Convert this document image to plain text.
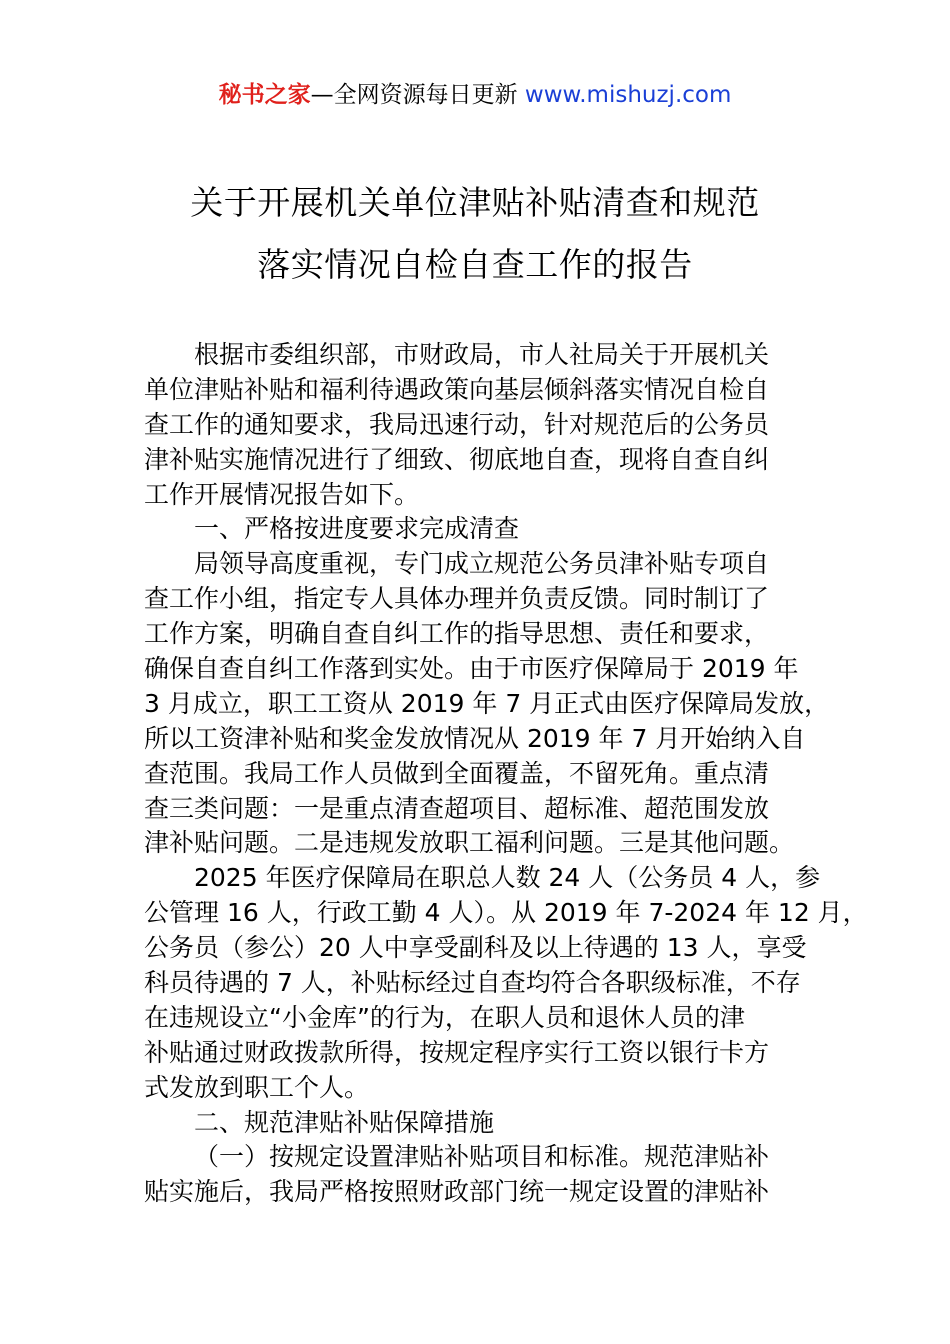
秘书之家—全网资源每日更新 www.mishuzj.com
关于开展机关单位津贴补贴清查和规范
落实情况自检自查工作的报告
根据市委组织部，市财政局，市人社局关于开展机关
单位津贴补贴和福利待遇政策向基层倾斜落实情况自检自
查工作的通知要求，我局迅速行动，针对规范后的公务员
津补贴实施情况进行了细致、彻底地自查，现将自查自纠
工作开展情况报告如下。
一、严格按进度要求完成清查
局领导高度重视，专门成立规范公务员津补贴专项自
查工作小组，指定专人具体办理并负责反馈。同时制订了
工作方案，明确自查自纠工作的指导思想、责任和要求，
确保自查自纠工作落到实处。由于市医疗保障局于 2019 年
3 月成立，职工工资从 2019 年 7 月正式由医疗保障局发放，
所以工资津补贴和奖金发放情况从 2019 年 7 月开始纳入自
查范围。我局工作人员做到全面覆盖，不留死角。重点清
查三类问题：一是重点清查超项目、超标准、超范围发放
津补贴问题。二是违规发放职工福利问题。三是其他问题。
2025 年医疗保障局在职总人数 24 人（公务员 4 人，参
公管理 16 人，行政工勤 4 人）。从 2019 年 7-2024 年 12 月，
公务员（参公）20 人中享受副科及以上待遇的 13 人，享受
科员待遇的 7 人，补贴标经过自查均符合各职级标准，不存
在违规设立“小金库”的行为，在职人员和退休人员的津
补贴通过财政拨款所得，按规定程序实行工资以银行卡方
式发放到职工个人。
二、规范津贴补贴保障措施
（一）按规定设置津贴补贴项目和标准。规范津贴补
贴实施后，我局严格按照财政部门统一规定设置的津贴补
